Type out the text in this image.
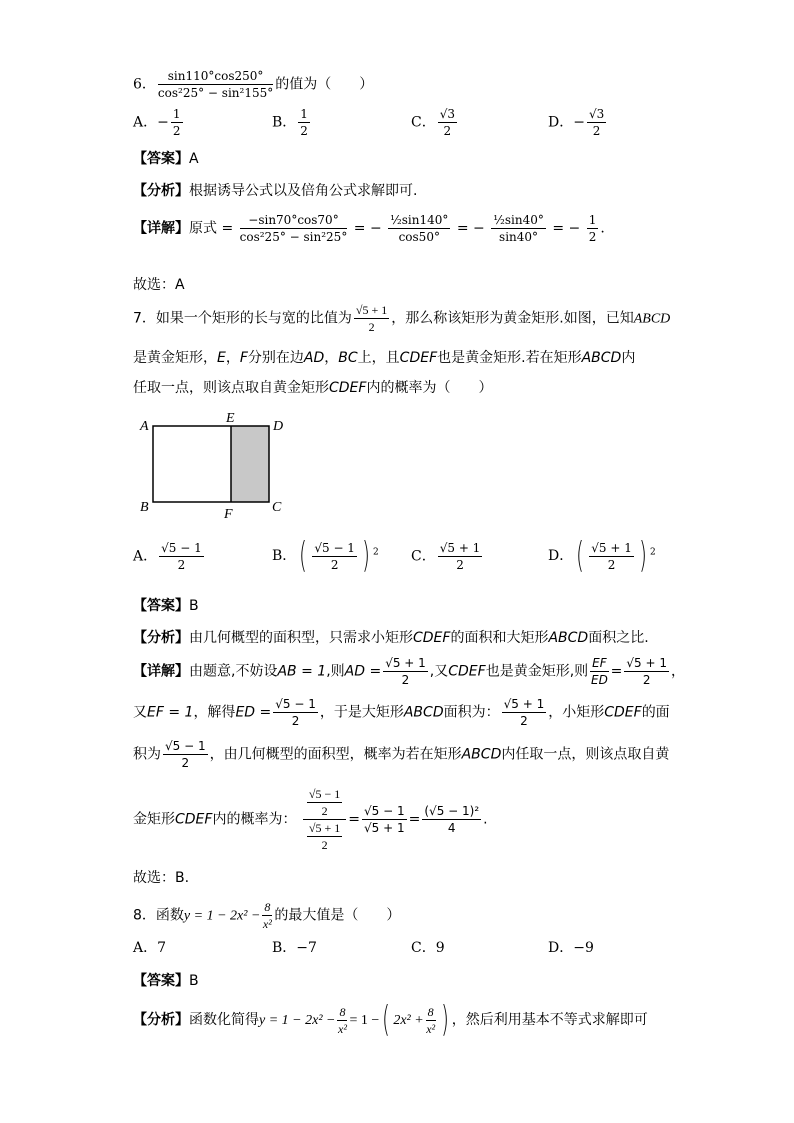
6． $\frac{\sin 110^\circ\cos 250^\circ}{\text{cos²25° − sin²155°}}$ 的值为（　　）
A．− $\frac{1}{2}$	B． $\frac{1}{2}$	C． $\frac{√3}{2}$	D．− $\frac{√3}{2}$
【答案】A
【分析】根据诱导公式以及倍角公式求解即可.
【详解】原式 = $\frac{-\sin 70^\circ\cos 70^\circ}{\text{cos²25° − sin²25°}}$ = − $\frac{\text{½sin140°}}{\cos 50^\circ}$ = − $\frac{\text{½sin40°}}{\sin 40^\circ}$ = − $\frac{1}{2}$ .
故选：A
7．如果一个矩形的长与宽的比值为 $\frac{√5 + 1}{2}$ ，那么称该矩形为黄金矩形.如图，已知ABCD
是黄金矩形，E，F分别在边AD，BC上，且CDEF也是黄金矩形.若在矩形ABCD内
任取一点，则该点取自黄金矩形CDEF内的概率为（　　）
A
B	C
D
E
F
A． $\frac{√5 - 1}{2}$	B．( $\frac{√5 - 1}{2}$ ) $^2$ C． $\frac{√5 + 1}{2}$	D．( $\frac{√5 + 1}{2}$ ) $^2$
【答案】B
【分析】由几何概型的面积型，只需求小矩形CDEF的面积和大矩形ABCD面积之比.
【详解】由题意,不妨设AB = 1,则AD = $\frac{√5 + 1}{2}$ ,又CDEF也是黄金矩形,则 $\frac{EF}{ED} = \frac{√5 + 1}{2}$ ，
又EF = 1，解得ED = $\frac{√5 - 1}{2}$ ，于是大矩形ABCD面积为： $\frac{√5 + 1}{2}$ ，小矩形CDEF的面
积为 $\frac{√5 - 1}{2}$ ，由几何概型的面积型，概率为若在矩形ABCD内任取一点，则该点取自黄
金矩形CDEF内的概率为： $\frac{\frac{√5 - 1}{2}}{\frac{√5 + 1}{2}} = \frac{√5 - 1}{√5 + 1} = \frac{\text{(√5 − 1)²}}{4}$ .
故选：B.
8．函数$y = 1 - 2x^2 - \frac{8}{\text{x²}}$ 的最大值是（　　）
A．7	B．−7	C．9	D．−9
【答案】B
【分析】函数化简得$y = 1 - 2x^2 - \frac{8}{\text{x²}} = 1$ −( $2x^2 + \frac{8}{\text{x²}}$ ) ，然后利用基本不等式求解即可
